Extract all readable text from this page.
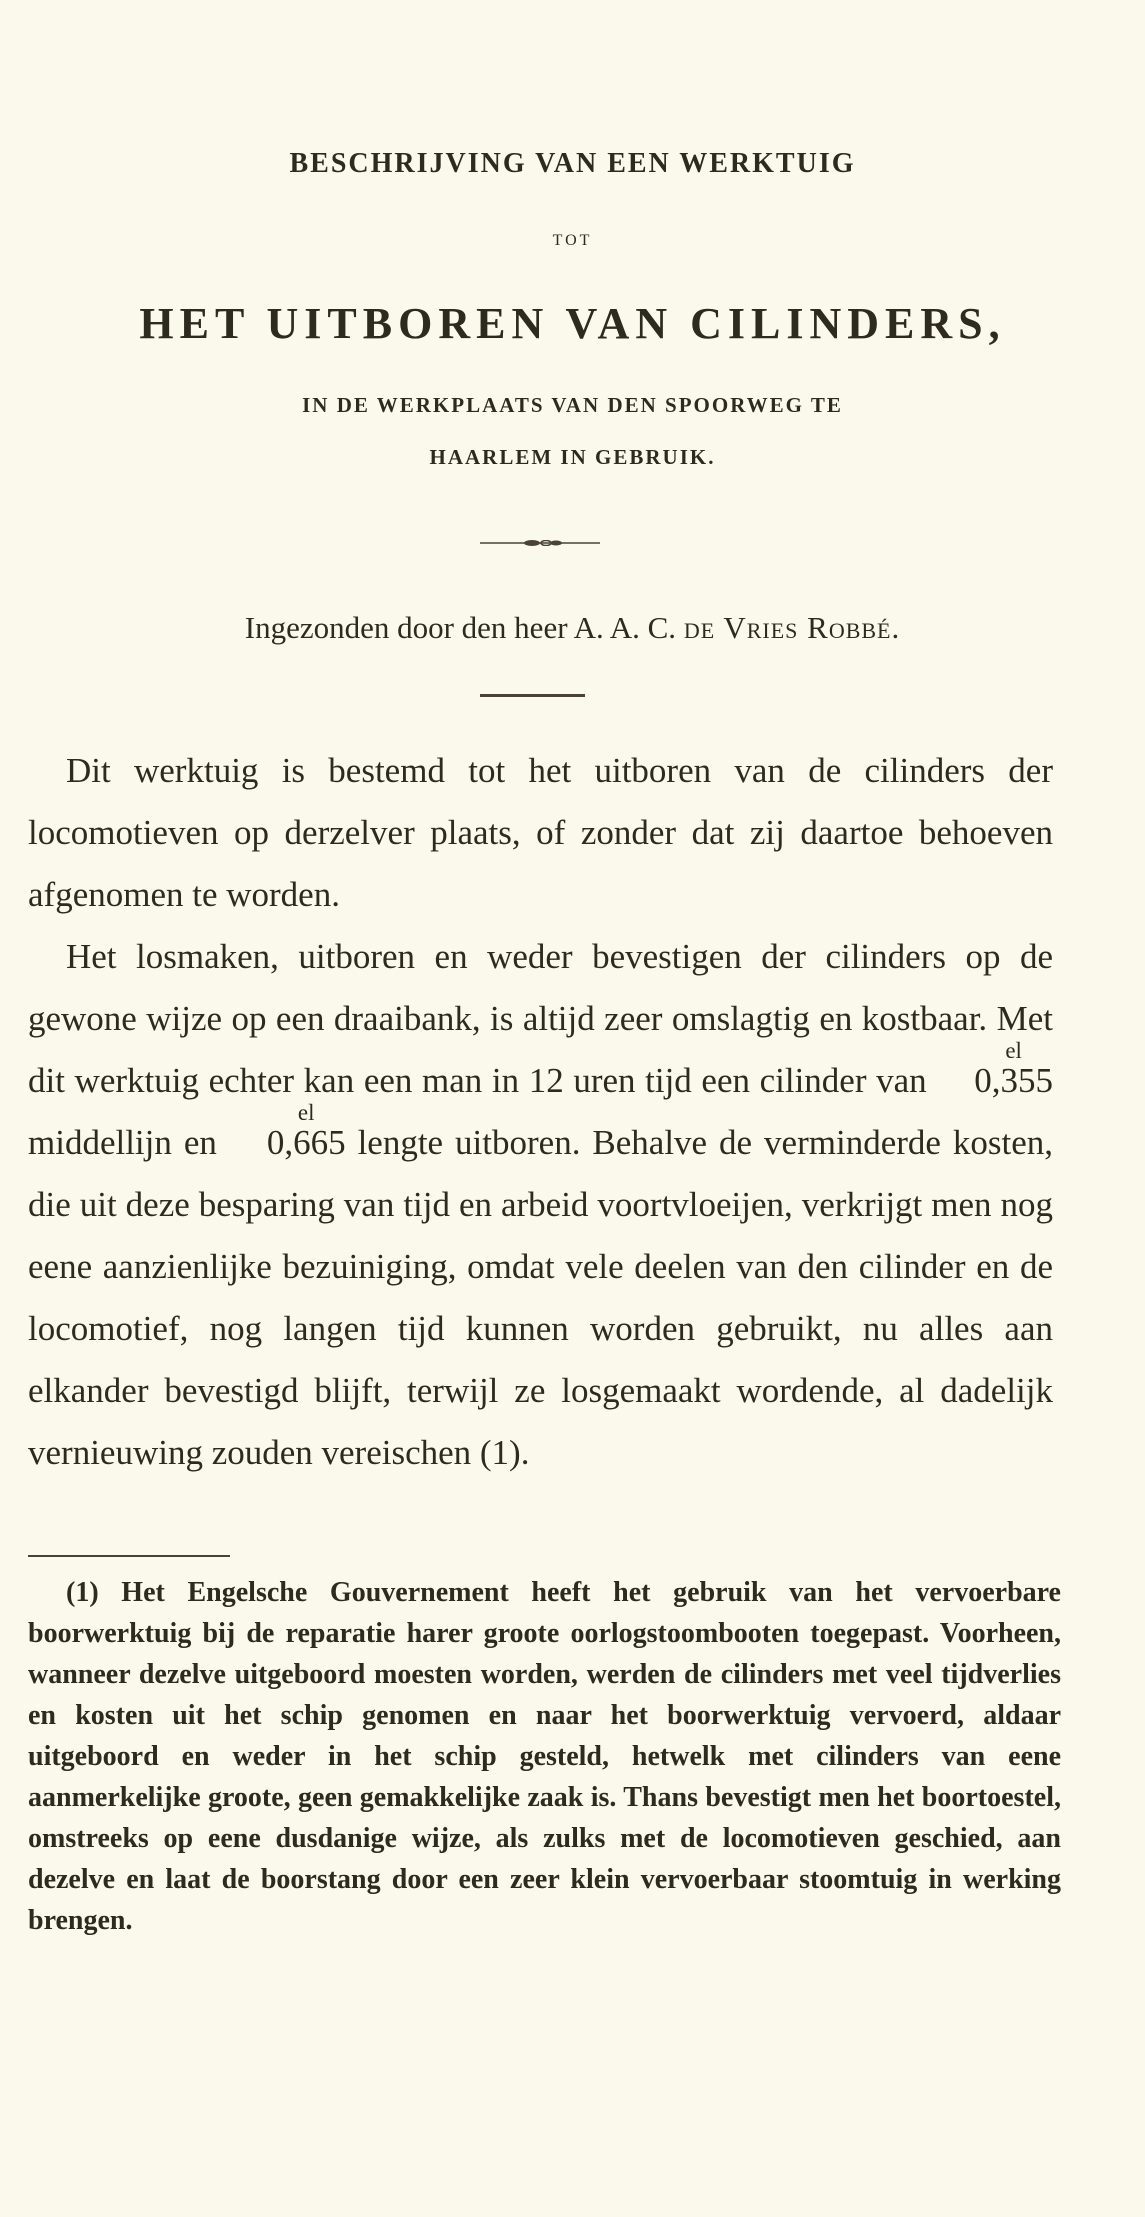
BESCHRIJVING VAN EEN WERKTUIG
TOT
HET UITBOREN VAN CILINDERS,
IN DE WERKPLAATS VAN DEN SPOORWEG TE
HAARLEM IN GEBRUIK.
Ingezonden door den heer A. A. C. de Vries Robbé.

Dit werktuig is bestemd tot het uitboren van de cilinders der locomotieven op derzelver plaats, of zonder dat zij daartoe behoeven afgenomen te worden.

Het losmaken, uitboren en weder bevestigen der cilinders op de gewone wijze op een draaibank, is altijd zeer omslagtig en kostbaar. Met dit werktuig echter kan een man in 12 uren tijd een cilinder van
el
0,355 middellijn en
el
0,665 lengte uitboren. Behalve de verminderde kosten, die uit deze besparing van tijd en arbeid voortvloeijen, verkrijgt men nog eene aanzienlijke bezuiniging, omdat vele deelen van den cilinder en de locomotief, nog langen tijd kunnen worden gebruikt, nu alles aan elkander bevestigd blijft, terwijl ze losgemaakt wordende, al dadelijk vernieuwing zouden vereischen (1).

(1) Het Engelsche Gouvernement heeft het gebruik van het vervoerbare boorwerktuig bij de reparatie harer groote oorlogstoombooten toegepast. Voorheen, wanneer dezelve uitgeboord moesten worden, werden de cilinders met veel tijdverlies en kosten uit het schip genomen en naar het boorwerktuig vervoerd, aldaar uitgeboord en weder in het schip gesteld, hetwelk met cilinders van eene aanmerkelijke groote, geen gemakkelijke zaak is. Thans bevestigt men het boortoestel, omstreeks op eene dusdanige wijze, als zulks met de locomotieven geschied, aan dezelve en laat de boorstang door een zeer klein vervoerbaar stoomtuig in werking brengen.
